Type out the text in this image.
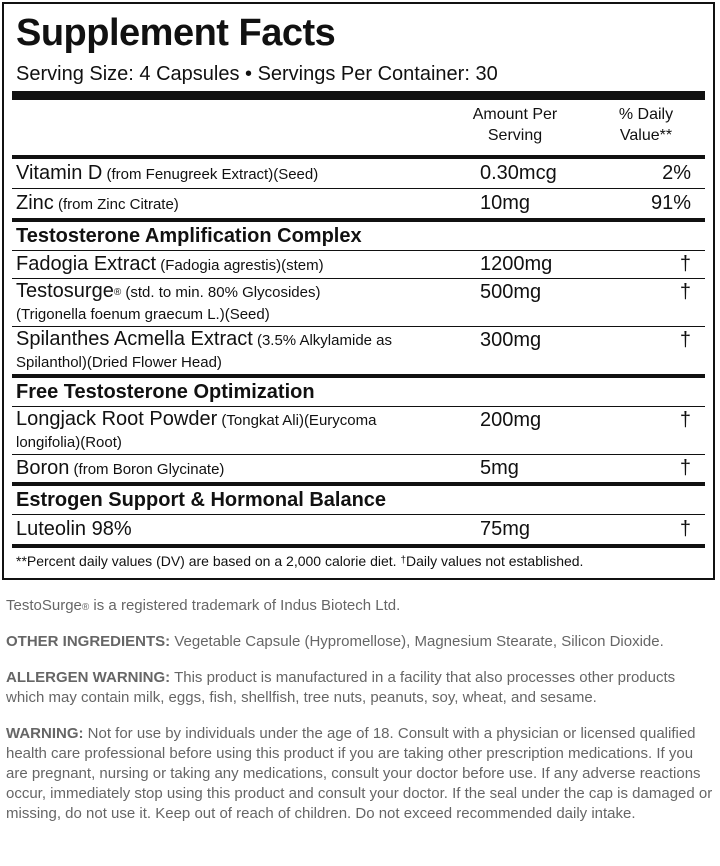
Supplement Facts
Serving Size: 4 Capsules • Servings Per Container: 30
Amount Per
Serving
% Daily
Value**
Vitamin D (from Fenugreek Extract)(Seed)	0.30mcg	2%
Zinc (from Zinc Citrate)	10mg	91%
Testosterone Amplification Complex
Fadogia Extract (Fadogia agrestis)(stem)	1200mg	†
Testosurge® (std. to min. 80% Glycosides)
(Trigonella foenum graecum L.)(Seed)
500mg	†
Spilanthes Acmella Extract (3.5% Alkylamide as
Spilanthol)(Dried Flower Head)
300mg	†
Free Testosterone Optimization
Longjack Root Powder (Tongkat Ali)(Eurycoma
longifolia)(Root)
200mg	†
Boron (from Boron Glycinate)	5mg	†
Estrogen Support & Hormonal Balance
Luteolin 98%	75mg	†
**Percent daily values (DV) are based on a 2,000 calorie diet. †Daily values not established.

TestoSurge® is a registered trademark of Indus Biotech Ltd.

OTHER INGREDIENTS: Vegetable Capsule (Hypromellose), Magnesium Stearate, Silicon Dioxide.

ALLERGEN WARNING: This product is manufactured in a facility that also processes other products which may contain milk, eggs, fish, shellfish, tree nuts, peanuts, soy, wheat, and sesame.

WARNING: Not for use by individuals under the age of 18. Consult with a physician or licensed qualified health care professional before using this product if you are taking other prescription medications. If you are pregnant, nursing or taking any medications, consult your doctor before use. If any adverse reactions occur, immediately stop using this product and consult your doctor. If the seal under the cap is damaged or missing, do not use it. Keep out of reach of children. Do not exceed recommended daily intake.
